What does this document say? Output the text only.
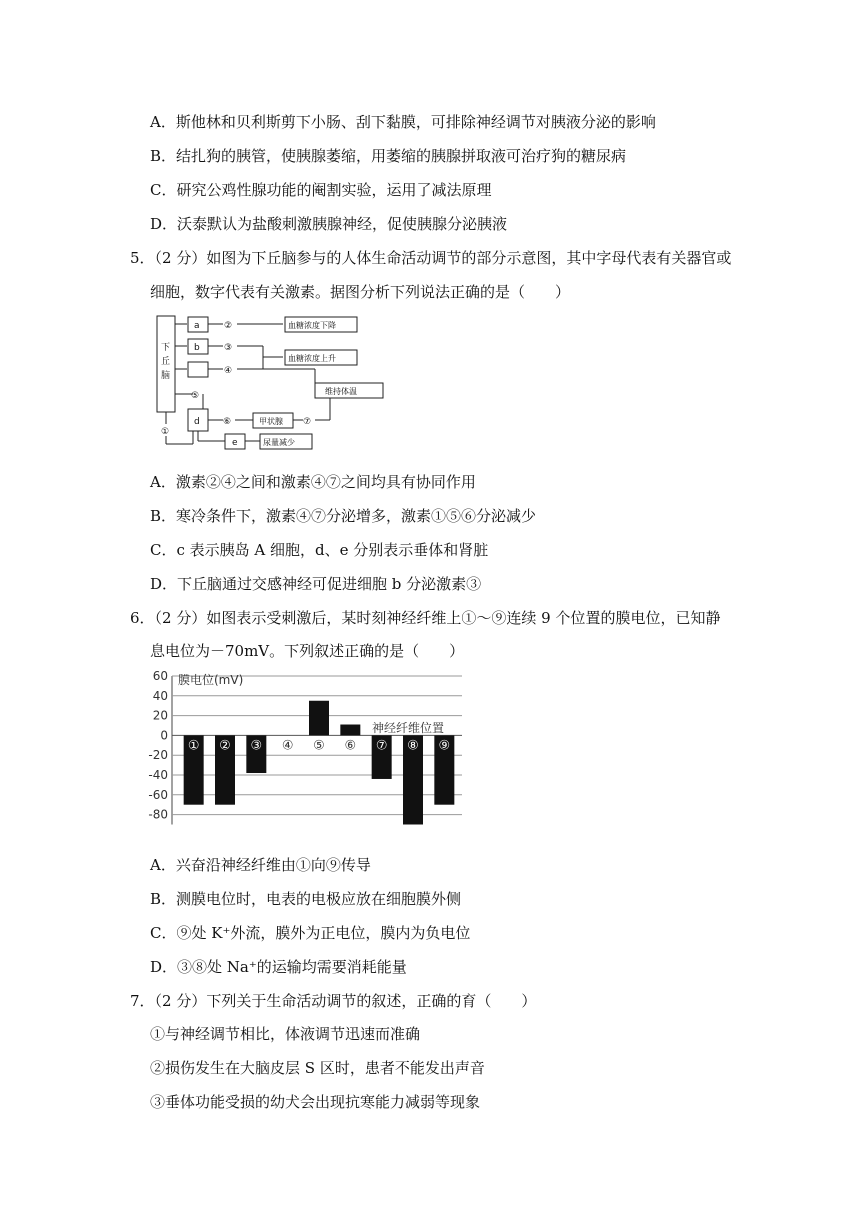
A．斯他林和贝利斯剪下小肠、刮下黏膜，可排除神经调节对胰液分泌的影响
B．结扎狗的胰管，使胰腺萎缩，用萎缩的胰腺拼取液可治疗狗的糖尿病
C．研究公鸡性腺功能的阉割实验，运用了减法原理
D．沃泰默认为盐酸刺激胰腺神经，促使胰腺分泌胰液
5．（2 分）如图为下丘脑参与的人体生命活动调节的部分示意图，其中字母代表有关器官或
细胞，数字代表有关激素。据图分析下列说法正确的是（　　）
下
丘
脑
a
b
d
e
②
③
④
⑤
⑥	⑦
①
血糖浓度下降
血糖浓度上升
维持体温
甲状腺
尿量减少
A．激素②④之间和激素④⑦之间均具有协同作用
B．寒冷条件下，激素④⑦分泌增多，激素①⑤⑥分泌减少
C．c 表示胰岛 A 细胞，d、e 分别表示垂体和肾脏
D．下丘脑通过交感神经可促进细胞 b 分泌激素③
6．（2 分）如图表示受刺激后，某时刻神经纤维上①～⑨连续 9 个位置的膜电位，已知静
息电位为－70mV。下列叙述正确的是（　　）
60
40
20
0
-20
-40
-60
-80
① ② ③ ④ ⑤ ⑥ ⑦ ⑧ ⑨
膜电位(mV)
神经纤维位置
A．兴奋沿神经纤维由①向⑨传导
B．测膜电位时，电表的电极应放在细胞膜外侧
C．⑨处 K⁺外流，膜外为正电位，膜内为负电位
D．③⑧处 Na⁺的运输均需要消耗能量
7．（2 分）下列关于生命活动调节的叙述，正确的育（　　）
①与神经调节相比，体液调节迅速而准确
②损伤发生在大脑皮层 S 区时，患者不能发出声音
③垂体功能受损的幼犬会出现抗寒能力减弱等现象
